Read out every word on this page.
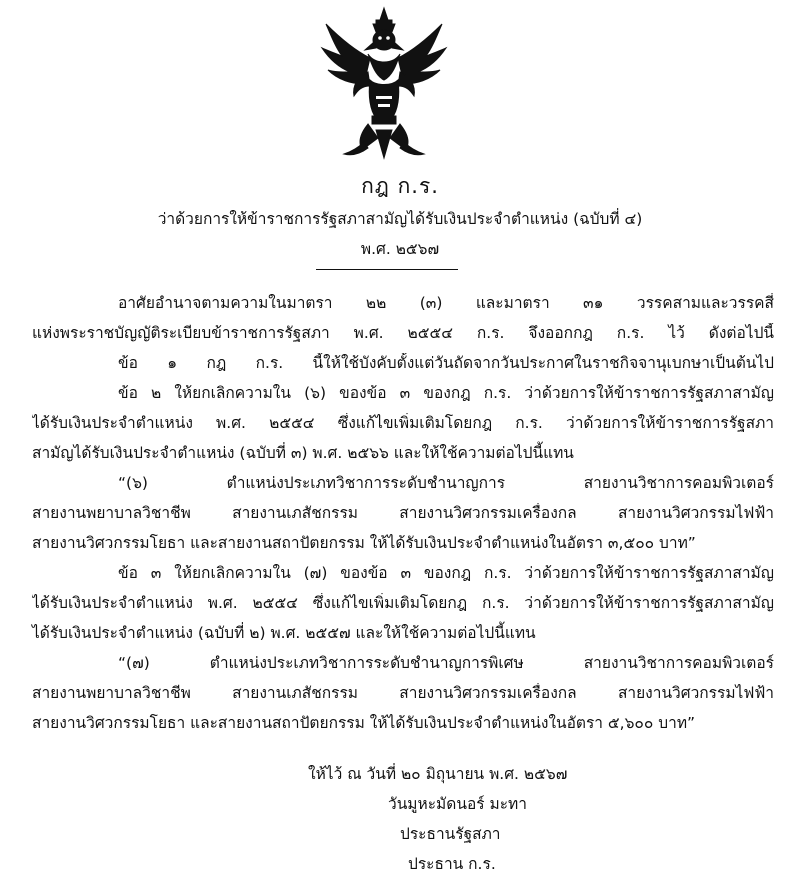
กฎ ก.ร.
ว่าด้วยการให้ข้าราชการรัฐสภาสามัญได้รับเงินประจำตำแหน่ง (ฉบับที่ ๔)
พ.ศ. ๒๕๖๗
อาศัยอำนาจตามความในมาตรา ๒๒ (๓) และมาตรา ๓๑ วรรคสามและวรรคสี่
แห่งพระราชบัญญัติระเบียบข้าราชการรัฐสภา พ.ศ. ๒๕๕๔ ก.ร. จึงออกกฎ ก.ร. ไว้ ดังต่อไปนี้
ข้อ ๑ กฎ ก.ร. นี้ให้ใช้บังคับตั้งแต่วันถัดจากวันประกาศในราชกิจจานุเบกษาเป็นต้นไป
ข้อ ๒ ให้ยกเลิกความใน (๖) ของข้อ ๓ ของกฎ ก.ร. ว่าด้วยการให้ข้าราชการรัฐสภาสามัญ
ได้รับเงินประจำตำแหน่ง พ.ศ. ๒๕๕๔ ซึ่งแก้ไขเพิ่มเติมโดยกฎ ก.ร. ว่าด้วยการให้ข้าราชการรัฐสภา
สามัญได้รับเงินประจำตำแหน่ง (ฉบับที่ ๓) พ.ศ. ๒๕๖๖ และให้ใช้ความต่อไปนี้แทน
“(๖) ตำแหน่งประเภทวิชาการระดับชำนาญการ สายงานวิชาการคอมพิวเตอร์
สายงานพยาบาลวิชาชีพ สายงานเภสัชกรรม สายงานวิศวกรรมเครื่องกล สายงานวิศวกรรมไฟฟ้า
สายงานวิศวกรรมโยธา และสายงานสถาปัตยกรรม ให้ได้รับเงินประจำตำแหน่งในอัตรา ๓,๕๐๐ บาท”
ข้อ ๓ ให้ยกเลิกความใน (๗) ของข้อ ๓ ของกฎ ก.ร. ว่าด้วยการให้ข้าราชการรัฐสภาสามัญ
ได้รับเงินประจำตำแหน่ง พ.ศ. ๒๕๕๔ ซึ่งแก้ไขเพิ่มเติมโดยกฎ ก.ร. ว่าด้วยการให้ข้าราชการรัฐสภาสามัญ
ได้รับเงินประจำตำแหน่ง (ฉบับที่ ๒) พ.ศ. ๒๕๕๗ และให้ใช้ความต่อไปนี้แทน
“(๗) ตำแหน่งประเภทวิชาการระดับชำนาญการพิเศษ สายงานวิชาการคอมพิวเตอร์
สายงานพยาบาลวิชาชีพ สายงานเภสัชกรรม สายงานวิศวกรรมเครื่องกล สายงานวิศวกรรมไฟฟ้า
สายงานวิศวกรรมโยธา และสายงานสถาปัตยกรรม ให้ได้รับเงินประจำตำแหน่งในอัตรา ๕,๖๐๐ บาท”
ให้ไว้ ณ วันที่ ๒๐ มิถุนายน พ.ศ. ๒๕๖๗
วันมูหะมัดนอร์ มะทา
ประธานรัฐสภา
ประธาน ก.ร.
